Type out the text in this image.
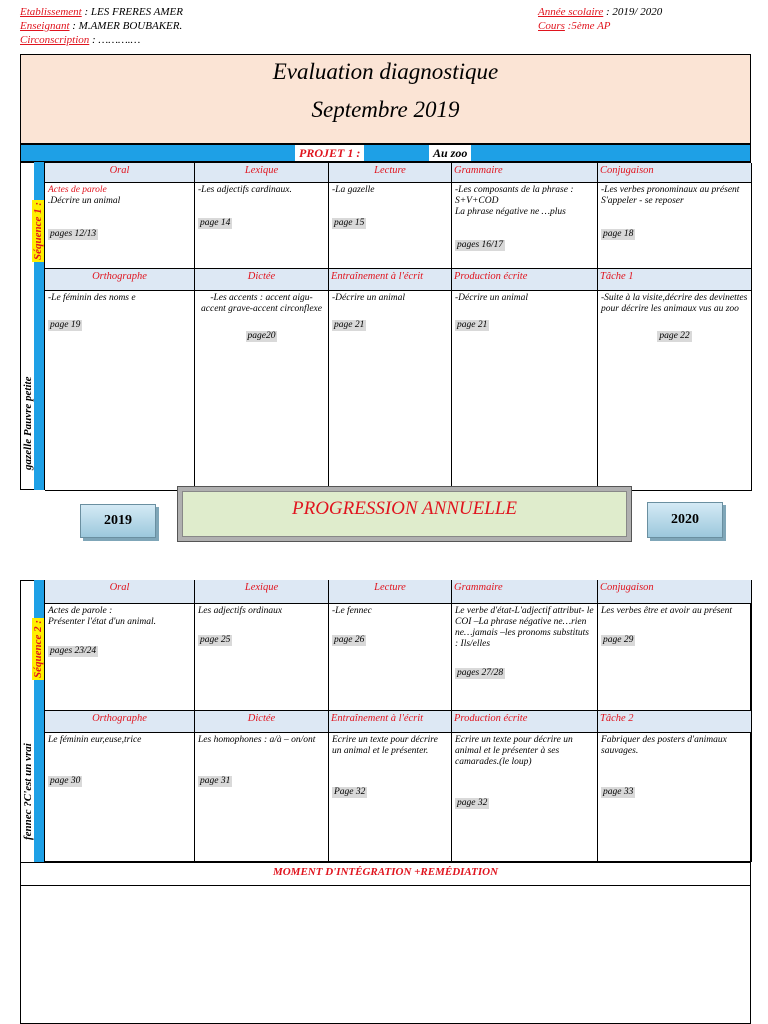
Etablissement : LES FRERES AMER
Enseignant : M.AMER BOUBAKER.
Circonscription : ……….…
Année scolaire : 2019/ 2020
Cours :5ème AP
Evaluation diagnostique
Septembre 2019
PROJET 1 :	Au zoo
gazelle Pauvre petite
Séquence 1 :
Oral
Actes de parole
.Décrire un animal
pages 12/13
Lexique
-Les adjectifs cardinaux.
page 14
Lecture
-La gazelle
page 15
Grammaire
-Les composants de la phrase : S+V+COD
La phrase négative ne …plus
pages 16/17
Conjugaison
-Les verbes pronominaux au présent
S'appeler - se reposer
page 18
Orthographe
-Le féminin des noms e
page 19
Dictée
-Les accents : accent aigu- accent grave-accent circonflexe
page20
Entraînement à l'écrit
-Décrire un animal
page 21
Production écrite
-Décrire un animal
page 21
Tâche 1
-Suite à la visite,décrire des devinettes pour décrire les animaux vus au zoo
page 22
2019	2020
PROGRESSION ANNUELLE
fennec ?C'est un vrai
Séquence 2 :
Oral
Actes de parole :
Présenter l'état d'un animal.
pages 23/24
Lexique
Les adjectifs ordinaux
page 25
Lecture
-Le fennec
page 26
Grammaire
Le verbe d'état-L'adjectif attribut- le COI –La phrase négative ne…rien
ne…jamais –les pronoms substituts : Ils/elles
pages 27/28
Conjugaison
Les verbes être et avoir au présent
page 29
Orthographe
Le féminin eur,euse,trice
page 30
Dictée
Les homophones : a/à – on/ont
page 31
Entraînement à l'écrit
Ecrire un texte pour décrire un animal et le présenter.
Page 32
Production écrite
Ecrire un texte pour décrire un animal et le présenter à ses camarades.(le loup)
page 32
Tâche 2
Fabriquer des posters d'animaux sauvages.
page 33
MOMENT D'INTÉGRATION +REMÉDIATION
